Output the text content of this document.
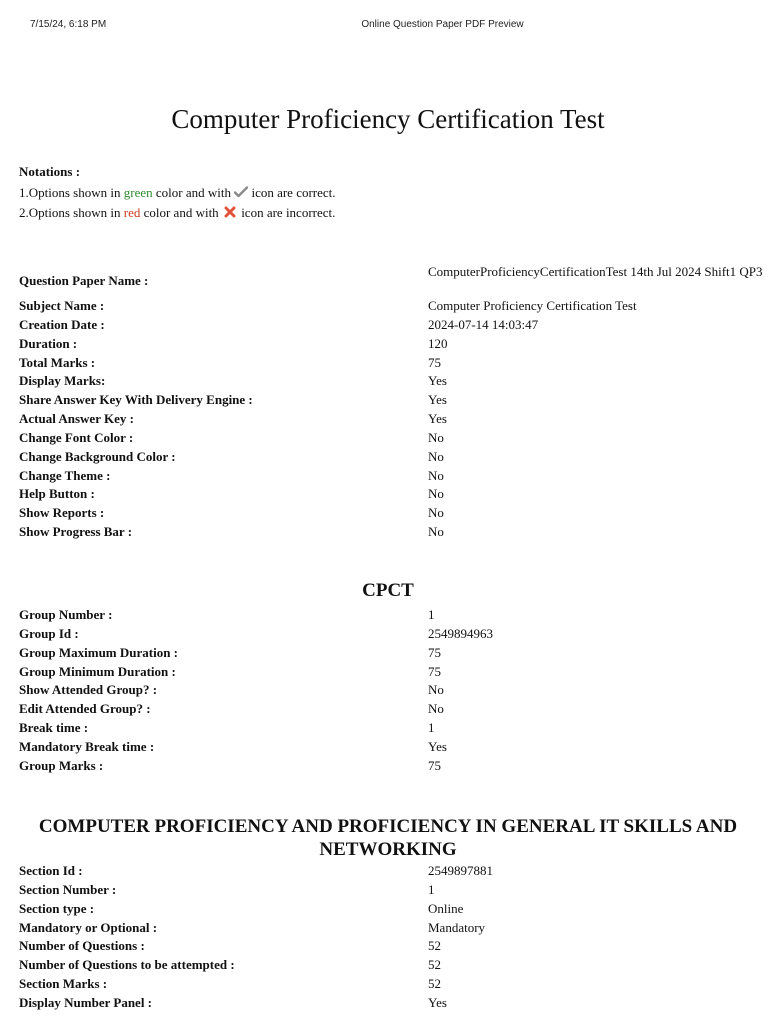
7/15/24, 6:18 PM	Online Question Paper PDF Preview
Computer Proficiency Certification Test
Notations :
1.Options shown in green color and with  icon are correct.
2.Options shown in red color and with  icon are incorrect.
Question Paper Name :
ComputerProficiencyCertificationTest 14th Jul 2024 Shift1 QP3
Subject Name :	Computer Proficiency Certification Test
Creation Date :	2024-07-14 14:03:47
Duration :	120
Total Marks :	75
Display Marks:	Yes
Share Answer Key With Delivery Engine :	Yes
Actual Answer Key :	Yes
Change Font Color :	No
Change Background Color :	No
Change Theme :	No
Help Button :	No
Show Reports :	No
Show Progress Bar :	No
CPCT
Group Number :	1
Group Id :	2549894963
Group Maximum Duration :	75
Group Minimum Duration :	75
Show Attended Group? :	No
Edit Attended Group? :	No
Break time :	1
Mandatory Break time :	Yes
Group Marks :	75
COMPUTER PROFICIENCY AND PROFICIENCY IN GENERAL IT SKILLS AND NETWORKING
Section Id :	2549897881
Section Number :	1
Section type :	Online
Mandatory or Optional :	Mandatory
Number of Questions :	52
Number of Questions to be attempted :	52
Section Marks :	52
Display Number Panel :	Yes
